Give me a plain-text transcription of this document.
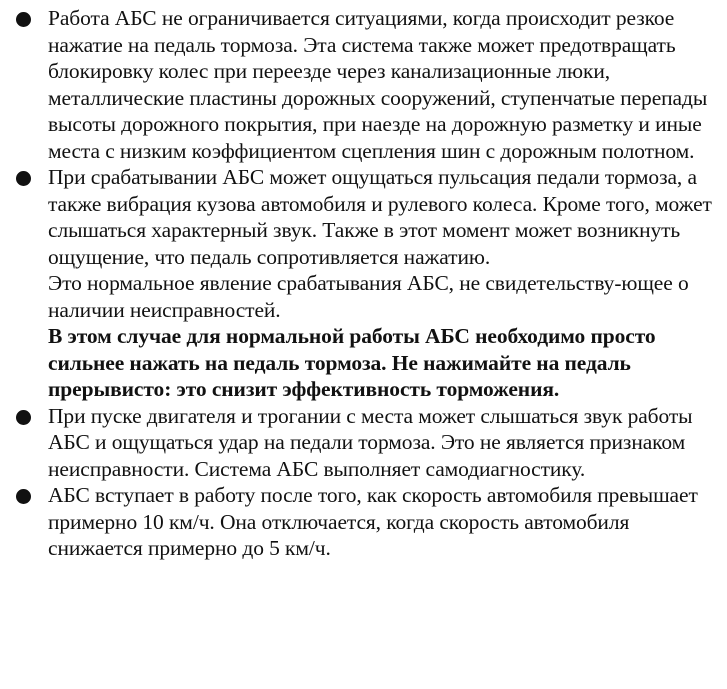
Работа АБС не ограничивается ситуациями, когда происходит резкое нажатие на педаль тормоза. Эта система также может предотвращать блокировку колес при переезде через канализационные люки, металлические пластины дорожных сооружений, ступенчатые перепады высоты дорожного покрытия, при наезде на дорожную разметку и иные места с низким коэффициентом сцепления шин с дорожным полотном.
При срабатывании АБС может ощущаться пульсация педали тормоза, а также вибрация кузова автомобиля и рулевого колеса. Кроме того, может слышаться характерный звук. Также в этот момент может возникнуть ощущение, что педаль сопротивляется нажатию.
Это нормальное явление срабатывания АБС, не свидетельству-ющее о наличии неисправностей.
В этом случае для нормальной работы АБС необходимо просто сильнее нажать на педаль тормоза. Не нажимайте на педаль прерывисто: это снизит эффективность торможения.
При пуске двигателя и трогании с места может слышаться звук работы АБС и ощущаться удар на педали тормоза. Это не является признаком неисправности. Система АБС выполняет самодиагностику.
АБС вступает в работу после того, как скорость автомобиля превышает примерно 10 км/ч. Она отключается, когда скорость автомобиля снижается примерно до 5 км/ч.
